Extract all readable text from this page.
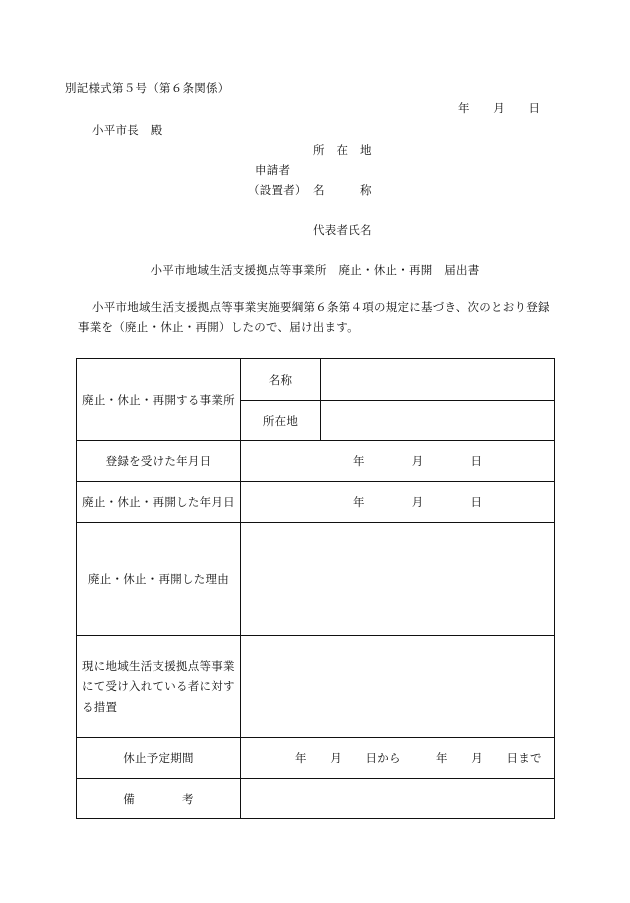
別記様式第５号（第６条関係）
年　　月　　日
小平市長　殿
所　在　地
申請者
（設置者） 名　　　称
代表者氏名
小平市地域生活支援拠点等事業所　廃止・休止・再開　届出書
小平市地域生活支援拠点等事業実施要綱第６条第４項の規定に基づき、次のとおり登録
事業を（廃止・休止・再開）したので、届け出ます。
廃止・休止・再開する事業所	名称	
	所在地	
登録を受けた年月日	年　　　　月　　　　日	
廃止・休止・再開した年月日	年　　　　月　　　　日	
廃止・休止・再開した理由		
現に地域生活支援拠点等事業にて受け入れている者に対する措置		
休止予定期間	年　　月　　日から　　　年　　月　　日まで	
備　　　　考		
